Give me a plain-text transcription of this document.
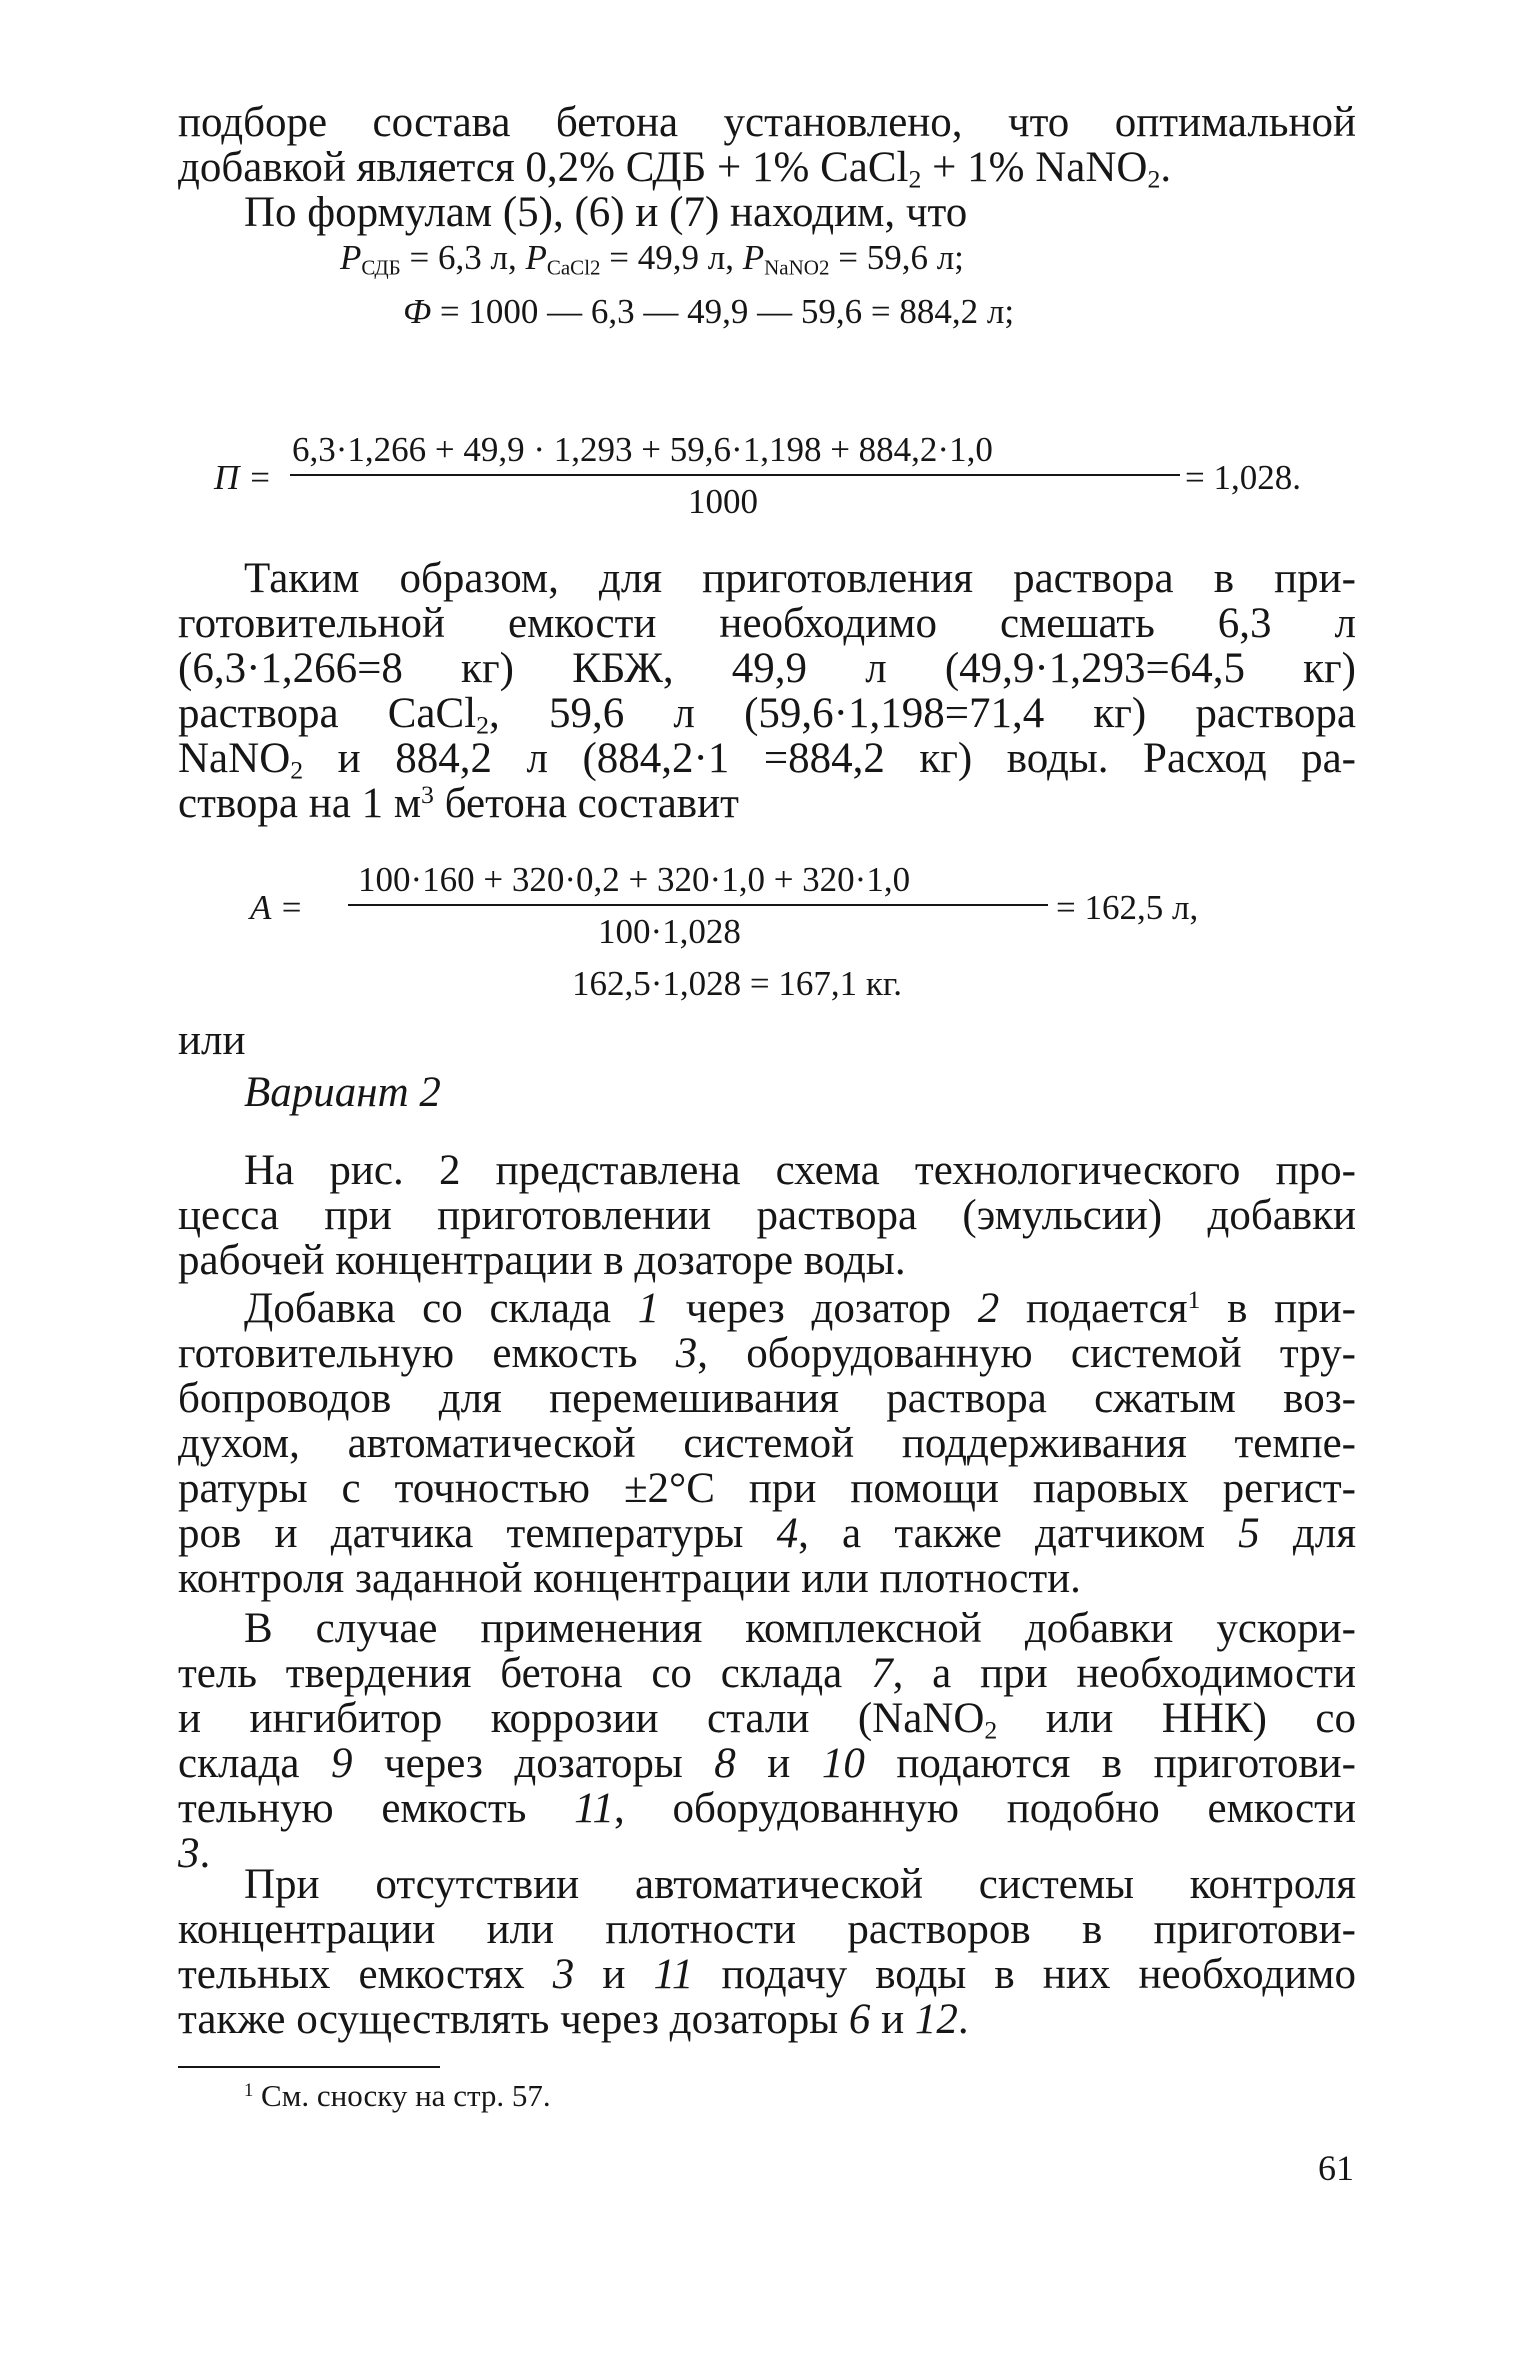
подборе состава бетона установлено, что оптимальной

добавкой является 0,2% СДБ + 1% CaCl$_2$ + 1% NaNO$_2$.

По формулам (5), (6) и (7) находим, что

$P_{СДБ} = 6,3$ л, $P_{CaCl2} = 49,9$ л, $P_{NaNO2} = 59,6$ л;
Ф = 1000 — 6,3 — 49,9 — 59,6 = 884,2 л;
П =
6,3·1,266 + 49,9 · 1,293 + 59,6·1,198 + 884,2·1,0
1000
= 1,028.

Таким образом, для приготовления раствора в при-

готовительной емкости необходимо смешать 6,3 л

(6,3·1,266=8 кг) КБЖ, 49,9 л (49,9·1,293=64,5 кг)

раствора CaCl$_2$, 59,6 л (59,6·1,198=71,4 кг) раствора

NaNO$_2$ и 884,2 л (884,2·1 =884,2 кг) воды. Расход ра-

створа на 1 $м^3$ бетона составит

A =
100·160 + 320·0,2 + 320·1,0 + 320·1,0
100·1,028
= 162,5 л,
162,5·1,028 = 167,1 кг.
или
Вариант 2

На рис. 2 представлена схема технологического про-

цесса при приготовлении раствора (эмульсии) добавки

рабочей концентрации в дозаторе воды.

Добавка со склада 1 через дозатор 2 подается$^1$ в при-

готовительную емкость 3, оборудованную системой тру-

бопроводов для перемешивания раствора сжатым воз-

духом, автоматической системой поддерживания темпе-

ратуры с точностью ±2°C при помощи паровых регист-

ров и датчика температуры 4, а также датчиком 5 для

контроля заданной концентрации или плотности.

В случае применения комплексной добавки ускори-

тель твердения бетона со склада 7, а при необходимости

и ингибитор коррозии стали (NaNO$_2$ или ННК) со

склада 9 через дозаторы 8 и 10 подаются в приготови-

тельную емкость 11, оборудованную подобно емкости

3.

При отсутствии автоматической системы контроля

концентрации или плотности растворов в приготови-

тельных емкостях 3 и 11 подачу воды в них необходимо

также осуществлять через дозаторы 6 и 12.

$^1$ См. сноску на стр. 57.
61
